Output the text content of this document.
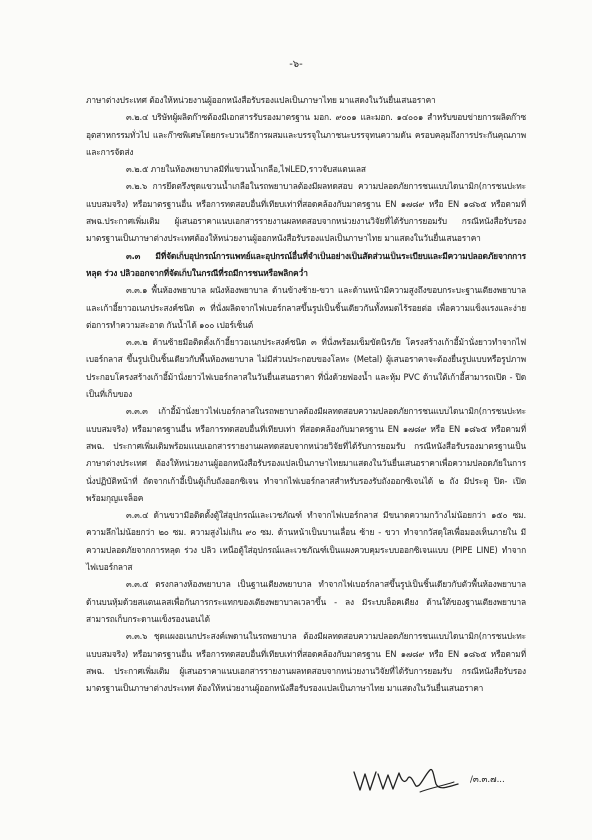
-๖-

ภาษาต่างประเทศ ต้องให้หน่วยงานผู้ออกหนังสือรับรองแปลเป็นภาษาไทย มาแสดงในวันยื่นเสนอราคา

๓.๒.๔ บริษัทผู้ผลิตก๊าซต้องมีเอกสารรับรองมาตรฐาน มอก. ๙๐๐๑ และมอก. ๑๔๐๐๑ สำหรับขอบข่ายการผลิตก๊าซอุตสาหกรรมทั่วไป และก๊าซพิเศษโดยกระบวนวิธีการผสมและบรรจุในภาชนะบรรจุทนความดัน ครอบคลุมถึงการประกันคุณภาพและการจัดส่ง

๓.๒.๕ ภายในห้องพยาบาลมีที่แขวนน้ำเกลือ,ไฟLED,ราวจับสแตนเลส

๓.๒.๖ การยึดตรึงชุดแขวนน้ำเกลือในรถพยาบาลต้องมีผลทดสอบ ความปลอดภัยการชนแบบไดนามิก(การชนปะทะแบบสมจริง) หรือมาตรฐานอื่น หรือการทดสอบอื่นที่เทียบเท่าที่สอดคล้องกับมาตรฐาน EN ๑๗๘๙ หรือ EN ๑๘๖๕ หรือตามที่ สพฉ.ประกาศเพิ่มเติม ผู้เสนอราคาแนบเอกสารรายงานผลทดสอบจากหน่วยงานวิจัยที่ได้รับการยอมรับ กรณีหนังสือรับรองมาตรฐานเป็นภาษาต่างประเทศต้องให้หน่วยงานผู้ออกหนังสือรับรองแปลเป็นภาษาไทย มาแสดงในวันยื่นเสนอราคา

๓.๓ มีที่จัดเก็บอุปกรณ์การแพทย์และอุปกรณ์อื่นที่จำเป็นอย่างเป็นสัดส่วนเป็นระเบียบและมีความปลอดภัยจากการหลุด ร่วง ปลิวออกจากที่จัดเก็บในกรณีที่รถมีการชนหรือพลิกคว่ำ

๓.๓.๑ พื้นห้องพยาบาล ผนังห้องพยาบาล ด้านข้างซ้าย-ขวา และด้านหน้ามีความสูงถึงขอบกระบะฐานเตียงพยาบาลและเก้าอี้ยาวอเนกประสงค์ชนิด ๓ ที่นั่งผลิตจากไฟเบอร์กลาสขึ้นรูปเป็นชิ้นเดียวกันทั้งหมดไร้รอยต่อ เพื่อความแข็งแรงและง่ายต่อการทำความสะอาด กันน้ำได้ ๑๐๐ เปอร์เซ็นต์

๓.๓.๒ ด้านซ้ายมีอติดตั้งเก้าอี้ยาวอเนกประสงค์ชนิด ๓ ที่นั่งพร้อมเข็มขัดนิรภัย โครงสร้างเก้าอี้ม้านั่งยาวทำจากไฟเบอร์กลาส ขึ้นรูปเป็นชิ้นเดียวกับพื้นห้องพยาบาล ไม่มีส่วนประกอบของโลหะ (Metal) ผู้เสนอราคาจะต้องยื่นรูปแบบหรือรูปภาพประกอบโครงสร้างเก้าอี้ม้านั่งยาวไฟเบอร์กลาสในวันยื่นเสนอราคา ที่นั่งด้วยฟองน้ำ และหุ้ม PVC ด้านใต้เก้าอี้สามารถเปิด - ปิด เป็นที่เก็บของ

๓.๓.๓ เก้าอี้ม้านั่งยาวไฟเบอร์กลาสในรถพยาบาลต้องมีผลทดสอบความปลอดภัยการชนแบบไดนามิก(การชนปะทะแบบสมจริง) หรือมาตรฐานอื่น หรือการทดสอบอื่นที่เทียบเท่า ที่สอดคล้องกับมาตรฐาน EN ๑๗๘๙ หรือ EN ๑๘๖๕ หรือตามที่ สพฉ. ประกาศเพิ่มเติมพร้อมแนบเอกสารรายงานผลทดสอบจากหน่วยวิจัยที่ได้รับการยอมรับ กรณีหนังสือรับรองมาตรฐานเป็นภาษาต่างประเทศ ต้องให้หน่วยงานผู้ออกหนังสือรับรองแปลเป็นภาษาไทยมาแสดงในวันยื่นเสนอราคาเพื่อความปลอดภัยในการนั่งปฏิบัติหน้าที่ ถัดจากเก้าอี้เป็นตู้เก็บถังออกซิเจน ทำจากไฟเบอร์กลาสสำหรับรองรับถังออกซิเจนได้ ๒ ถัง มีประตู ปิด- เปิด พร้อมกุญแจล็อค

๓.๓.๔ ด้านขวามีอติดตั้งตู้ใส่อุปกรณ์และเวชภัณฑ์ ทำจากไฟเบอร์กลาส มีขนาดความกว้างไม่น้อยกว่า ๑๕๐ ซม. ความลึกไม่น้อยกว่า ๒๐ ซม. ความสูงไม่เกิน ๙๐ ซม. ด้านหน้าเป็นบานเลื่อน ซ้าย - ขวา ทำจากวัสดุใสเพื่อมองเห็นภายใน มีความปลอดภัยจากการหลุด ร่วง ปลิว เหนือตู้ใส่อุปกรณ์และเวชภัณฑ์เป็นแผงควบคุมระบบออกซิเจนแบบ (PIPE LINE) ทำจากไฟเบอร์กลาส

๓.๓.๕ ตรงกลางห้องพยาบาล เป็นฐานเตียงพยาบาล ทำจากไฟเบอร์กลาสขึ้นรูปเป็นชิ้นเดียวกับตัวพื้นห้องพยาบาล ด้านบนหุ้มด้วยสแตนเลสเพื่อกันการกระแทกของเตียงพยาบาลเวลาขึ้น - ลง มีระบบล็อคเตียง ด้านใต้ของฐานเตียงพยาบาลสามารถเก็บกระดานแข็งรองนอนได้

๓.๓.๖ ชุดแผงอเนกประสงค์เพดานในรถพยาบาล ต้องมีผลทดสอบความปลอดภัยการชนแบบไดนามิก(การชนปะทะแบบสมจริง) หรือมาตรฐานอื่น หรือการทดสอบอื่นที่เทียบเท่าที่สอดคล้องกับมาตรฐาน EN ๑๗๘๙ หรือ EN ๑๘๖๕ หรือตามที่สพฉ. ประกาศเพิ่มเติม ผู้เสนอราคาแนบเอกสารรายงานผลทดสอบจากหน่วยงานวิจัยที่ได้รับการยอมรับ กรณีหนังสือรับรองมาตรฐานเป็นภาษาต่างประเทศ ต้องให้หน่วยงานผู้ออกหนังสือรับรองแปลเป็นภาษาไทย มาแสดงในวันยื่นเสนอราคา

/๓.๓.๗...
